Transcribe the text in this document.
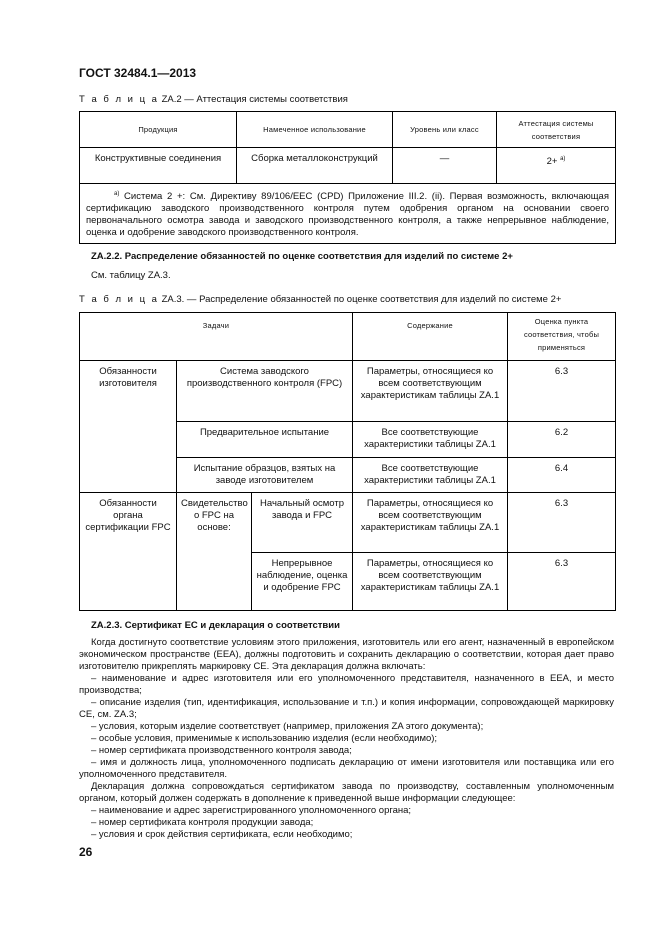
ГОСТ 32484.1—2013
Т а б л и ц а ZA.2 — Аттестация системы соответствия
Продукция	Намеченное использование	Уровень или класс	Аттестация системы соответствия
Конструктивные соединения	Сборка металлоконструкций	—	2+ $^{а)}$
$^{а)}$ Система 2 +: См. Директиву 89/106/ЕЕС (CPD) Приложение III.2. (ii). Первая возможность, включающая сертификацию заводского производственного контроля путем одобрения органом на основании своего первоначального осмотра завода и заводского производственного контроля, а также непрерывное наблюдение, оценка и одобрение заводского производственного контроля.			
ZA.2.2. Распределение обязанностей по оценке соответствия для изделий по системе 2+
См. таблицу ZA.3.
Т а б л и ц а ZA.3. — Распределение обязанностей по оценке соответствия для изделий по системе 2+
Задачи			Содержание	Оценка пункта соответствия, чтобы применяться
Обязанности изготовителя	Система заводского производственного контроля (FPC)		Параметры, относящиеся ко всем соответствующим характеристикам таблицы ZA.1	6.3
	Предварительное испытание		Все соответствующие характеристики таблицы ZA.1	6.2
	Испытание образцов, взятых на заводе изготовителем		Все соответствующие характеристики таблицы ZA.1	6.4
Обязанности органа сертификации FPC	Свидетельство о FPC на основе:	Начальный осмотр завода и FPC	Параметры, относящиеся ко всем соответствующим характеристикам таблицы ZA.1	6.3
		Непрерывное наблюдение, оценка и одобрение FPC	Параметры, относящиеся ко всем соответствующим характеристикам таблицы ZA.1	6.3
ZA.2.3. Сертификат ЕС и декларация о соответствии

Когда достигнуто соответствие условиям этого приложения, изготовитель или его агент, назначенный в европейском экономическом пространстве (ЕЕА), должны подготовить и сохранить декларацию о соответствии, которая дает право изготовителю прикреплять маркировку СЕ. Эта декларация должна включать:

– наименование и адрес изготовителя или его уполномоченного представителя, назначенного в ЕЕА, и место производства;

– описание изделия (тип, идентификация, использование и т.п.) и копия информации, сопровождающей маркировку СЕ, см. ZA.3;

– условия, которым изделие соответствует (например, приложения ZA этого документа);

– особые условия, применимые к использованию изделия (если необходимо);

– номер сертификата производственного контроля завода;

– имя и должность лица, уполномоченного подписать декларацию от имени изготовителя или поставщика или его уполномоченного представителя.

Декларация должна сопровождаться сертификатом завода по производству, составленным уполномоченным органом, который должен содержать в дополнение к приведенной выше информации следующее:

– наименование и адрес зарегистрированного уполномоченного органа;

– номер сертификата контроля продукции завода;

– условия и срок действия сертификата, если необходимо;

26
